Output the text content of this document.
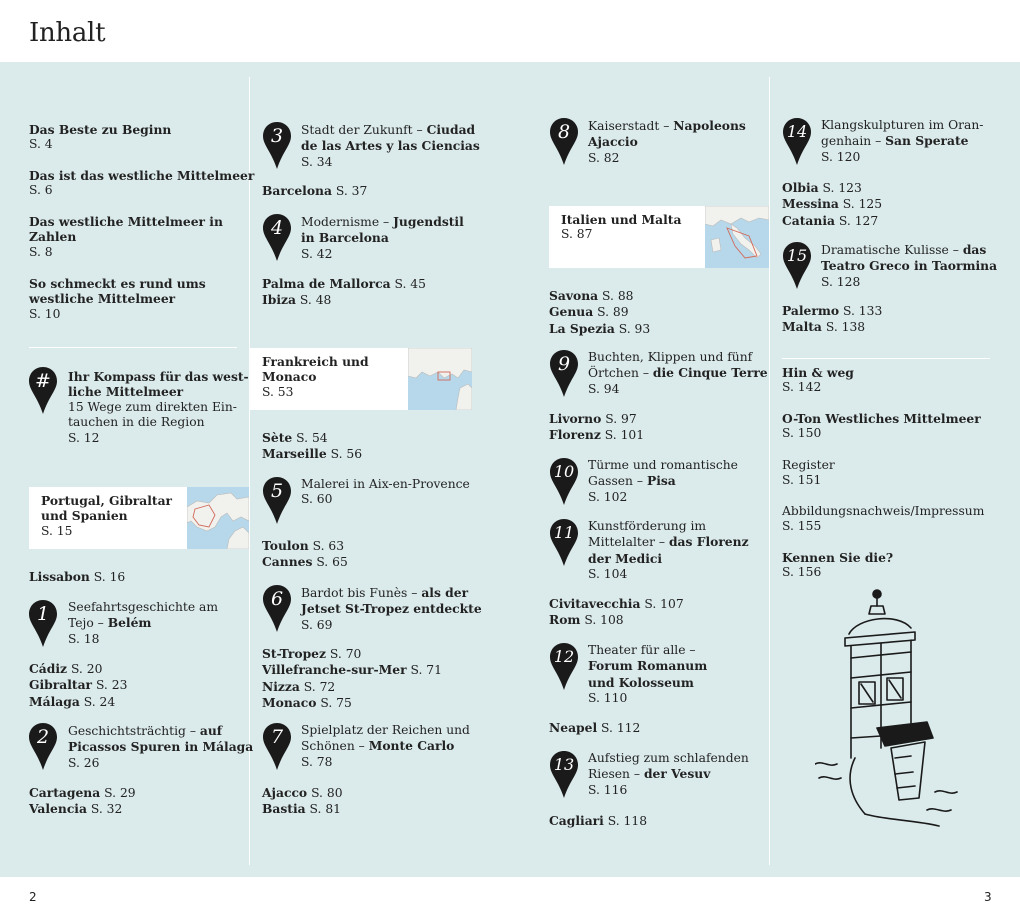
Inhalt
Das Beste zu Beginn
S. 4
Das ist das westliche Mittelmeer
S. 6
Das westliche Mittelmeer in
Zahlen
S. 8
So schmeckt es rund ums
westliche Mittelmeer
S. 10
#	Ihr Kompass für das west-
liche Mittelmeer
15 Wege zum direkten Ein-
tauchen in die Region
S. 12
Portugal, Gibraltar
und Spanien
S. 15
Lissabon S. 16
1	Seefahrtsgeschichte am
Tejo – Belém
S. 18
Cádiz S. 20
Gibraltar S. 23
Málaga S. 24
2	Geschichtsträchtig – auf
Picassos Spuren in Málaga
S. 26
Cartagena S. 29
Valencia S. 32
3	Stadt der Zukunft – Ciudad
de las Artes y las Ciencias
S. 34
Barcelona S. 37
4	Modernisme – Jugendstil
in Barcelona
S. 42
Palma de Mallorca S. 45
Ibiza S. 48
Frankreich und
Monaco
S. 53
Sète S. 54
Marseille S. 56
5	Malerei in Aix-en-Provence
S. 60
Toulon S. 63
Cannes S. 65
6	Bardot bis Funès – als der
Jetset St-Tropez entdeckte
S. 69
St-Tropez S. 70
Villefranche-sur-Mer S. 71
Nizza S. 72
Monaco S. 75
7	Spielplatz der Reichen und
Schönen – Monte Carlo
S. 78
Ajacco S. 80
Bastia S. 81
8	Kaiserstadt – Napoleons
Ajaccio
S. 82
Italien und Malta
S. 87
Savona S. 88
Genua S. 89
La Spezia S. 93
9	Buchten, Klippen und fünf
Örtchen – die Cinque Terre
S. 94
Livorno S. 97
Florenz S. 101
10	Türme und romantische
Gassen – Pisa
S. 102
11	Kunstförderung im
Mittelalter – das Florenz
der Medici
S. 104
Civitavecchia S. 107
Rom S. 108
12	Theater für alle –
Forum Romanum
und Kolosseum
S. 110
Neapel S. 112
13	Aufstieg zum schlafenden
Riesen – der Vesuv
S. 116
Cagliari S. 118
14	Klangskulpturen im Oran-
genhain – San Sperate
S. 120
Olbia S. 123
Messina S. 125
Catania S. 127
15	Dramatische Kulisse – das
Teatro Greco in Taormina
S. 128
Palermo S. 133
Malta S. 138
Hin & weg
S. 142
O-Ton Westliches Mittelmeer
S. 150
Register
S. 151
Abbildungsnachweis/Impressum
S. 155
Kennen Sie die?
S. 156
2	3
